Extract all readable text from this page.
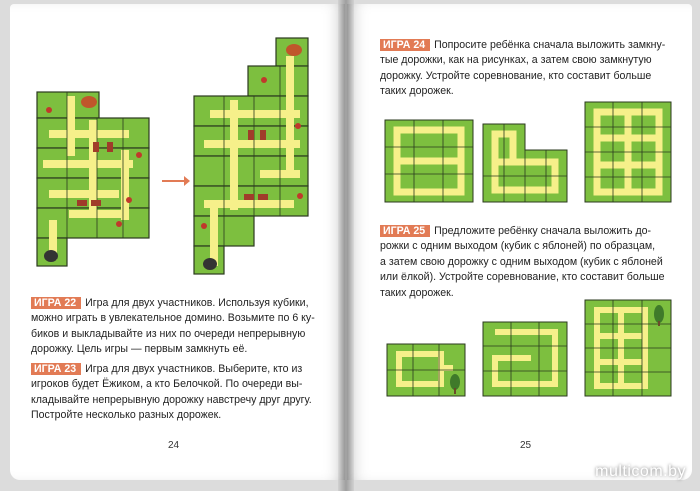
ИГРА 22 Игра для двух участников. Используя кубики,
можно играть в увлекательное домино. Возьмите по 6 ку-
биков и выкладывайте из них по очереди непрерывную
дорожку. Цель игры — первым замкнуть её.
ИГРА 23 Игра для двух участников. Выберите, кто из
игроков будет Ёжиком, а кто Белочкой. По очереди вы-
кладывайте непрерывную дорожку навстречу друг другу.
Постройте несколько разных дорожек.
24
ИГРА 24 Попросите ребёнка сначала выложить замкну-
тые дорожки, как на рисунках, а затем свою замкнутую
дорожку. Устройте соревнование, кто составит больше
таких дорожек.
ИГРА 25 Предложите ребёнку сначала выложить до-
рожки с одним выходом (кубик с яблоней) по образцам,
а затем свою дорожку с одним выходом (кубик с яблоней
или ёлкой). Устройте соревнование, кто составит больше
таких дорожек.
25
multicom.by
